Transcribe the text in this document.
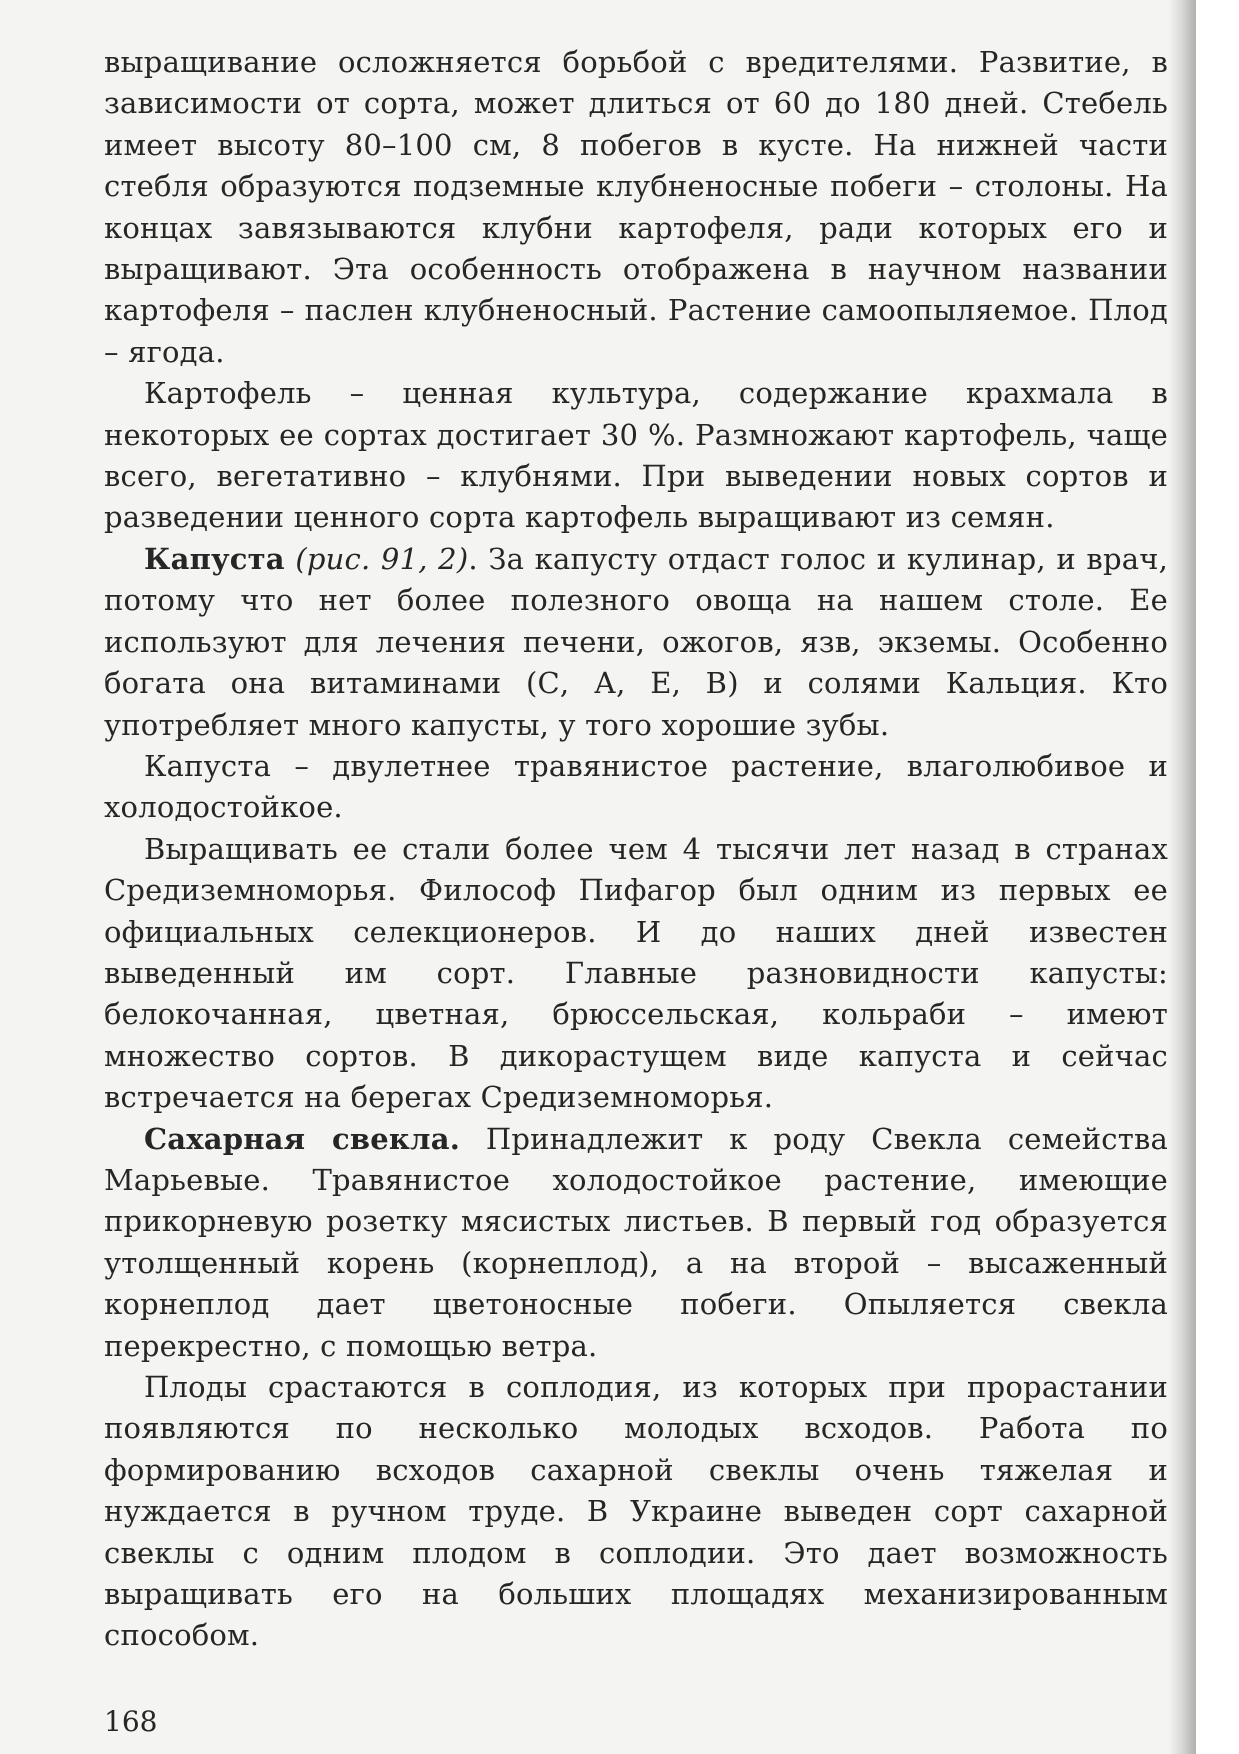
выращивание осложняется борьбой с вредителями. Развитие, в зависимости от сорта, может длиться от 60 до 180 дней. Стебель имеет высоту 80–100 см, 8 побегов в кусте. На нижней части стебля образуются подземные клубненосные побеги – столоны. На концах завязываются клубни картофеля, ради которых его и выращивают. Эта особенность отображена в научном названии картофеля – паслен клубненосный. Растение самоопыляемое. Плод – ягода.

Картофель – ценная культура, содержание крахмала в некоторых ее сортах достигает 30 %. Размножают картофель, чаще всего, вегетативно – клубнями. При выведении новых сортов и разведении ценного сорта картофель выращивают из семян.

Капуста (рис. 91, 2). За капусту отдаст голос и кулинар, и врач, потому что нет более полезного овоща на нашем столе. Ее используют для лечения печени, ожогов, язв, экземы. Особенно богата она витаминами (С, А, Е, В) и солями Кальция. Кто употребляет много капусты, у того хорошие зубы.

Капуста – двулетнее травянистое растение, влаголюбивое и холодостойкое.

Выращивать ее стали более чем 4 тысячи лет назад в странах Средиземноморья. Философ Пифагор был одним из первых ее официальных селекционеров. И до наших дней известен выведенный им сорт. Главные разновидности капусты: белокочанная, цветная, брюссельская, кольраби – имеют множество сортов. В дикорастущем виде капуста и сейчас встречается на берегах Средиземноморья.

Сахарная свекла. Принадлежит к роду Свекла семейства Марьевые. Травянистое холодостойкое растение, имеющие прикорневую розетку мясистых листьев. В первый год образуется утолщенный корень (корнеплод), а на второй – высаженный корнеплод дает цветоносные побеги. Опыляется свекла перекрестно, с помощью ветра.

Плоды срастаются в соплодия, из которых при прорастании появляются по несколько молодых всходов. Работа по формированию всходов сахарной свеклы очень тяжелая и нуждается в ручном труде. В Украине выведен сорт сахарной свеклы с одним плодом в соплодии. Это дает возможность выращивать его на больших площадях механизированным способом.

168
